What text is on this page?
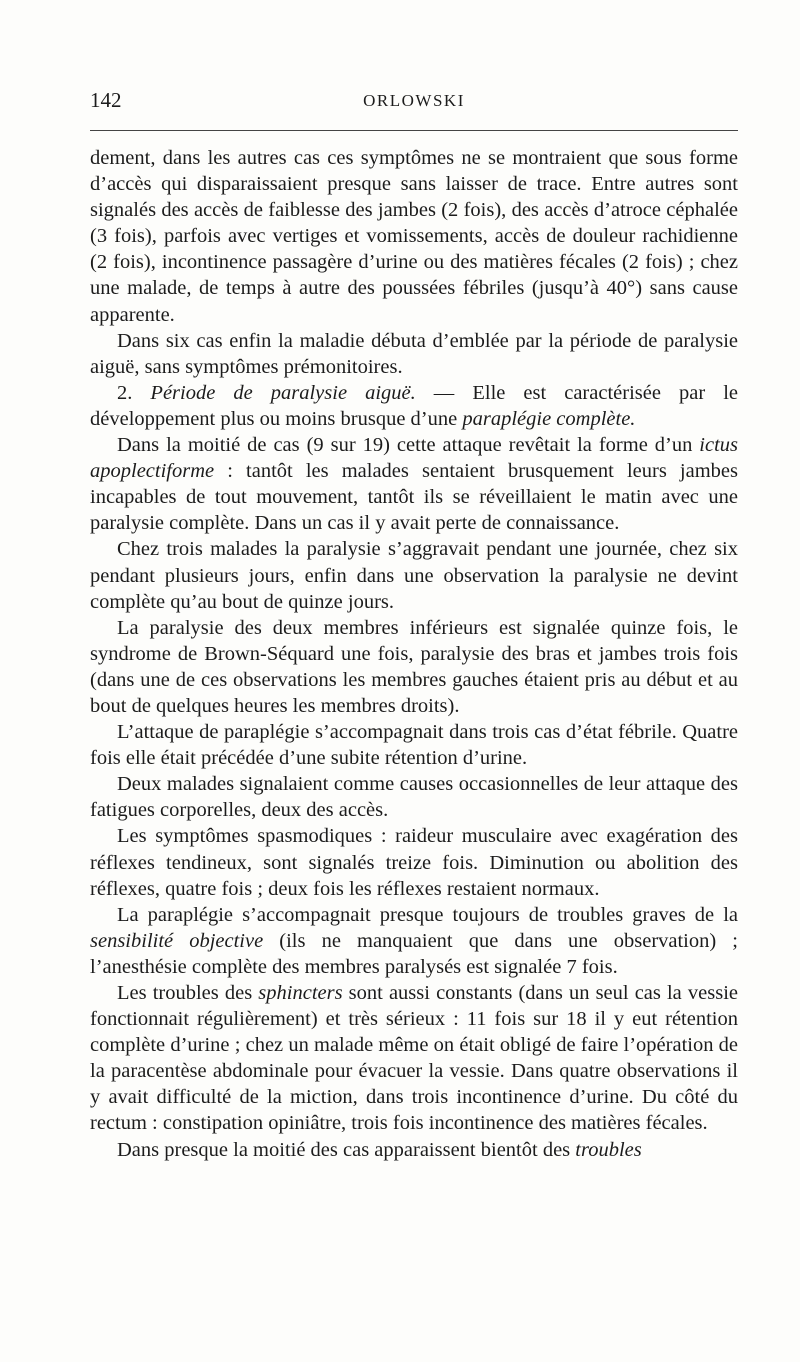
142	ORLOWSKI

dement, dans les autres cas ces symptômes ne se montraient que sous forme d’accès qui disparaissaient presque sans laisser de trace. Entre autres sont signalés des accès de faiblesse des jambes (2 fois), des accès d’atroce céphalée (3 fois), parfois avec vertiges et vomissements, accès de douleur rachidienne (2 fois), incontinence passagère d’urine ou des matières fécales (2 fois) ; chez une malade, de temps à autre des poussées fébriles (jusqu’à 40°) sans cause apparente.

Dans six cas enfin la maladie débuta d’emblée par la période de paralysie aiguë, sans symptômes prémonitoires.

2. Période de paralysie aiguë. — Elle est caractérisée par le développement plus ou moins brusque d’une paraplégie complète.

Dans la moitié de cas (9 sur 19) cette attaque revêtait la forme d’un ictus apoplectiforme : tantôt les malades sentaient brusquement leurs jambes incapables de tout mouvement, tantôt ils se réveillaient le matin avec une paralysie complète. Dans un cas il y avait perte de connaissance.

Chez trois malades la paralysie s’aggravait pendant une journée, chez six pendant plusieurs jours, enfin dans une observation la paralysie ne devint complète qu’au bout de quinze jours.

La paralysie des deux membres inférieurs est signalée quinze fois, le syndrome de Brown-Séquard une fois, paralysie des bras et jambes trois fois (dans une de ces observations les membres gauches étaient pris au début et au bout de quelques heures les membres droits).

L’attaque de paraplégie s’accompagnait dans trois cas d’état fébrile. Quatre fois elle était précédée d’une subite rétention d’urine.

Deux malades signalaient comme causes occasionnelles de leur attaque des fatigues corporelles, deux des accès.

Les symptômes spasmodiques : raideur musculaire avec exagération des réflexes tendineux, sont signalés treize fois. Diminution ou abolition des réflexes, quatre fois ; deux fois les réflexes restaient normaux.

La paraplégie s’accompagnait presque toujours de troubles graves de la sensibilité objective (ils ne manquaient que dans une observation) ; l’anesthésie complète des membres paralysés est signalée 7 fois.

Les troubles des sphincters sont aussi constants (dans un seul cas la vessie fonctionnait régulièrement) et très sérieux : 11 fois sur 18 il y eut rétention complète d’urine ; chez un malade même on était obligé de faire l’opération de la paracentèse abdominale pour évacuer la vessie. Dans quatre observations il y avait difficulté de la miction, dans trois incontinence d’urine. Du côté du rectum : constipation opiniâtre, trois fois incontinence des matières fécales.

Dans presque la moitié des cas apparaissent bientôt des troubles
